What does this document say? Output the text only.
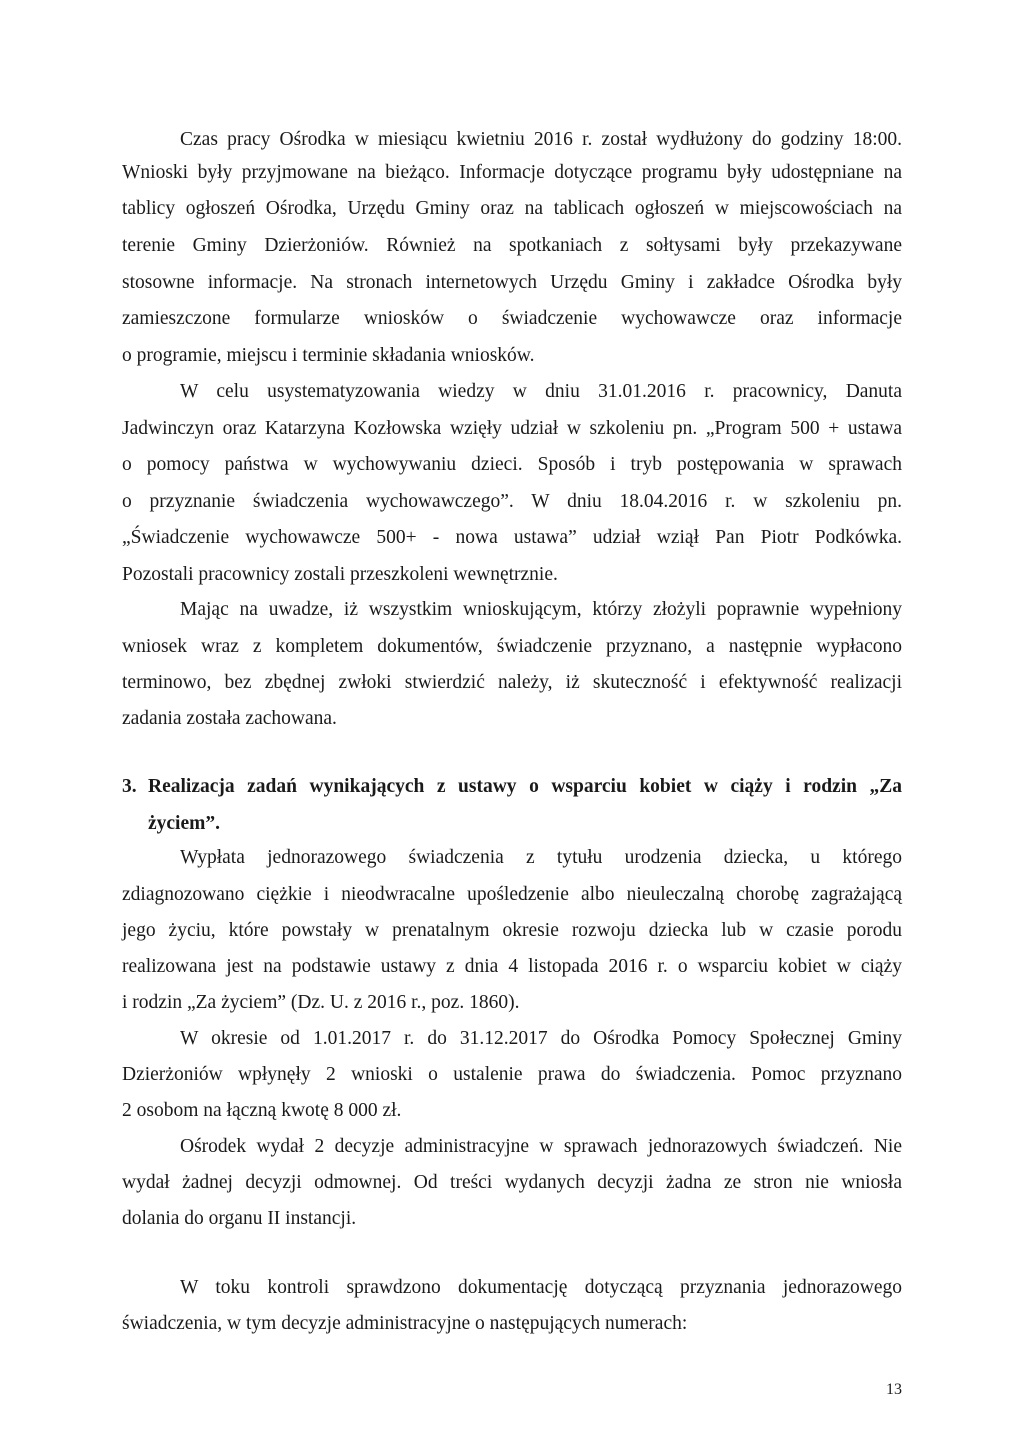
Czas pracy Ośrodka w miesiącu kwietniu 2016 r. został wydłużony do godziny 18:00.
Wnioski były przyjmowane na bieżąco. Informacje dotyczące programu były udostępniane na
tablicy ogłoszeń Ośrodka, Urzędu Gminy oraz na tablicach ogłoszeń w miejscowościach na
terenie Gminy Dzierżoniów. Również na spotkaniach z sołtysami były przekazywane
stosowne informacje. Na stronach internetowych Urzędu Gminy i zakładce Ośrodka były
zamieszczone formularze wniosków o świadczenie wychowawcze oraz informacje
o programie, miejscu i terminie składania wniosków.
W celu usystematyzowania wiedzy w dniu 31.01.2016 r. pracownicy, Danuta
Jadwinczyn oraz Katarzyna Kozłowska wzięły udział w szkoleniu pn. „Program 500 + ustawa
o pomocy państwa w wychowywaniu dzieci. Sposób i tryb postępowania w sprawach
o przyznanie świadczenia wychowawczego”. W dniu 18.04.2016 r. w szkoleniu pn.
„Świadczenie wychowawcze 500+ - nowa ustawa” udział wziął Pan Piotr Podkówka.
Pozostali pracownicy zostali przeszkoleni wewnętrznie.
Mając na uwadze, iż wszystkim wnioskującym, którzy złożyli poprawnie wypełniony
wniosek wraz z kompletem dokumentów, świadczenie przyznano, a następnie wypłacono
terminowo, bez zbędnej zwłoki stwierdzić należy, iż skuteczność i efektywność realizacji
zadania została zachowana.
3. Realizacja zadań wynikających z ustawy o wsparciu kobiet w ciąży i rodzin „Za
życiem”.
Wypłata jednorazowego świadczenia z tytułu urodzenia dziecka, u którego
zdiagnozowano ciężkie i nieodwracalne upośledzenie albo nieuleczalną chorobę zagrażającą
jego życiu, które powstały w prenatalnym okresie rozwoju dziecka lub w czasie porodu
realizowana jest na podstawie ustawy z dnia 4 listopada 2016 r. o wsparciu kobiet w ciąży
i rodzin „Za życiem” (Dz. U. z 2016 r., poz. 1860).
W okresie od 1.01.2017 r. do 31.12.2017 do Ośrodka Pomocy Społecznej Gminy
Dzierżoniów wpłynęły 2 wnioski o ustalenie prawa do świadczenia. Pomoc przyznano
2 osobom na łączną kwotę 8 000 zł.
Ośrodek wydał 2 decyzje administracyjne w sprawach jednorazowych świadczeń. Nie
wydał żadnej decyzji odmownej. Od treści wydanych decyzji żadna ze stron nie wniosła
dolania do organu II instancji.
W toku kontroli sprawdzono dokumentację dotyczącą przyznania jednorazowego
świadczenia, w tym decyzje administracyjne o następujących numerach:
13
